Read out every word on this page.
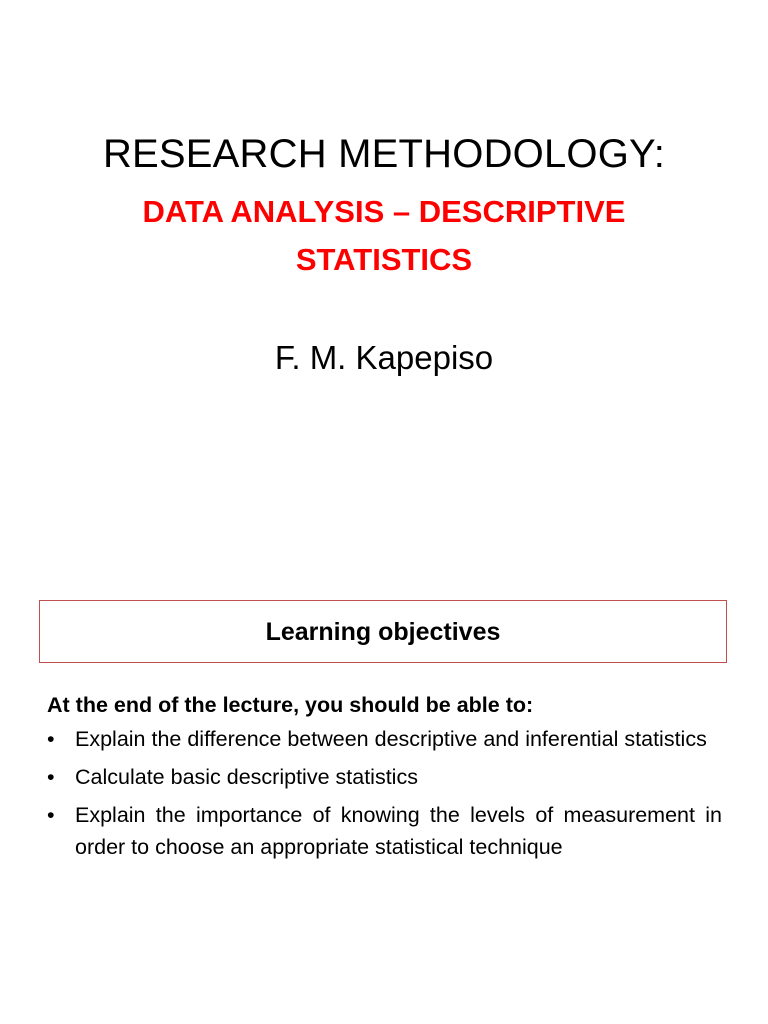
RESEARCH METHODOLOGY:
DATA ANALYSIS – DESCRIPTIVE STATISTICS

F. M. Kapepiso

Learning objectives

At the end of the lecture, you should be able to:

• Explain the difference between descriptive and inferential statistics
• Calculate basic descriptive statistics
• Explain the importance of knowing the levels of measurement in order to choose an appropriate statistical technique
